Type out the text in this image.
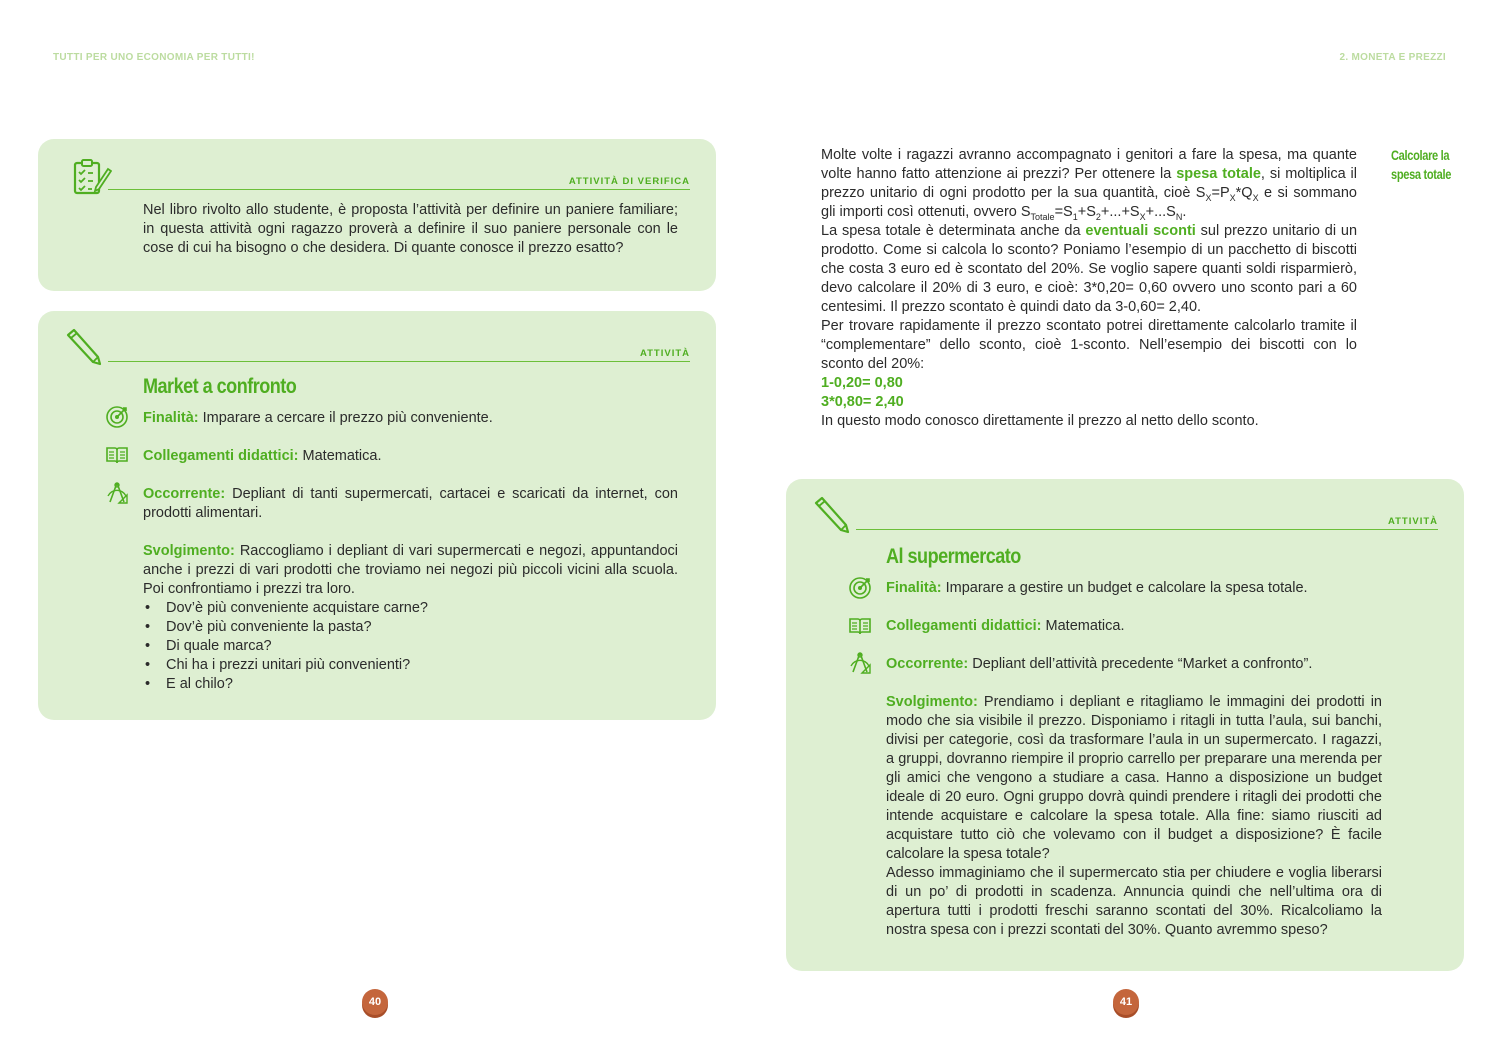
TUTTI PER UNO ECONOMIA PER TUTTI!	2. MONETA E PREZZI
ATTIVITÀ DI VERIFICA
Nel libro rivolto allo studente, è proposta l’attività per definire un paniere familiare; in questa attività ogni ragazzo proverà a definire il suo paniere personale con le cose di cui ha bisogno o che desidera. Di quante conosce il prezzo esatto?
ATTIVITÀ
Market a confronto
Finalità: Imparare a cercare il prezzo più conveniente.
Collegamenti didattici: Matematica.
Occorrente: Depliant di tanti supermercati, cartacei e scaricati da internet, con prodotti alimentari.
Svolgimento: Raccogliamo i depliant di vari supermercati e negozi, appuntandoci anche i prezzi di vari prodotti che troviamo nei negozi più piccoli vicini alla scuola. Poi confrontiamo i prezzi tra loro.
• Dov’è più conveniente acquistare carne?
• Dov’è più conveniente la pasta?
• Di quale marca?
• Chi ha i prezzi unitari più convenienti?
• E al chilo?

Molte volte i ragazzi avranno accompagnato i genitori a fare la spesa, ma quante volte hanno fatto attenzione ai prezzi? Per ottenere la spesa totale, si moltiplica il prezzo unitario di ogni prodotto per la sua quantità, cioè $S_X=P_X*Q_X$ e si sommano gli importi così ottenuti, ovvero $S_{Totale}=S_1+S_2+...+S_X+...S_N$.

La spesa totale è determinata anche da eventuali sconti sul prezzo unitario di un prodotto. Come si calcola lo sconto? Poniamo l’esempio di un pacchetto di biscotti che costa 3 euro ed è scontato del 20%. Se voglio sapere quanti soldi risparmierò, devo calcolare il 20% di 3 euro, e cioè: 3*0,20= 0,60 ovvero uno sconto pari a 60 centesimi. Il prezzo scontato è quindi dato da 3-0,60= 2,40.

Per trovare rapidamente il prezzo scontato potrei direttamente calcolarlo tramite il “complementare” dello sconto, cioè 1-sconto. Nell’esempio dei biscotti con lo sconto del 20%:

1-0,20= 0,80

3*0,80= 2,40

In questo modo conosco direttamente il prezzo al netto dello sconto.

Calcolare la spesa totale
ATTIVITÀ
Al supermercato
Finalità: Imparare a gestire un budget e calcolare la spesa totale.
Collegamenti didattici: Matematica.
Occorrente: Depliant dell’attività precedente “Market a confronto”.
Svolgimento: Prendiamo i depliant e ritagliamo le immagini dei prodotti in modo che sia visibile il prezzo. Disponiamo i ritagli in tutta l’aula, sui banchi, divisi per categorie, così da trasformare l’aula in un supermercato. I ragazzi, a gruppi, dovranno riempire il proprio carrello per preparare una merenda per gli amici che vengono a studiare a casa. Hanno a disposizione un budget ideale di 20 euro. Ogni gruppo dovrà quindi prendere i ritagli dei prodotti che intende acquistare e calcolare la spesa totale. Alla fine: siamo riusciti ad acquistare tutto ciò che volevamo con il budget a disposizione? È facile calcolare la spesa totale?
Adesso immaginiamo che il supermercato stia per chiudere e voglia liberarsi di un po’ di prodotti in scadenza. Annuncia quindi che nell’ultima ora di apertura tutti i prodotti freschi saranno scontati del 30%. Ricalcoliamo la nostra spesa con i prezzi scontati del 30%. Quanto avremmo speso?
40	41
